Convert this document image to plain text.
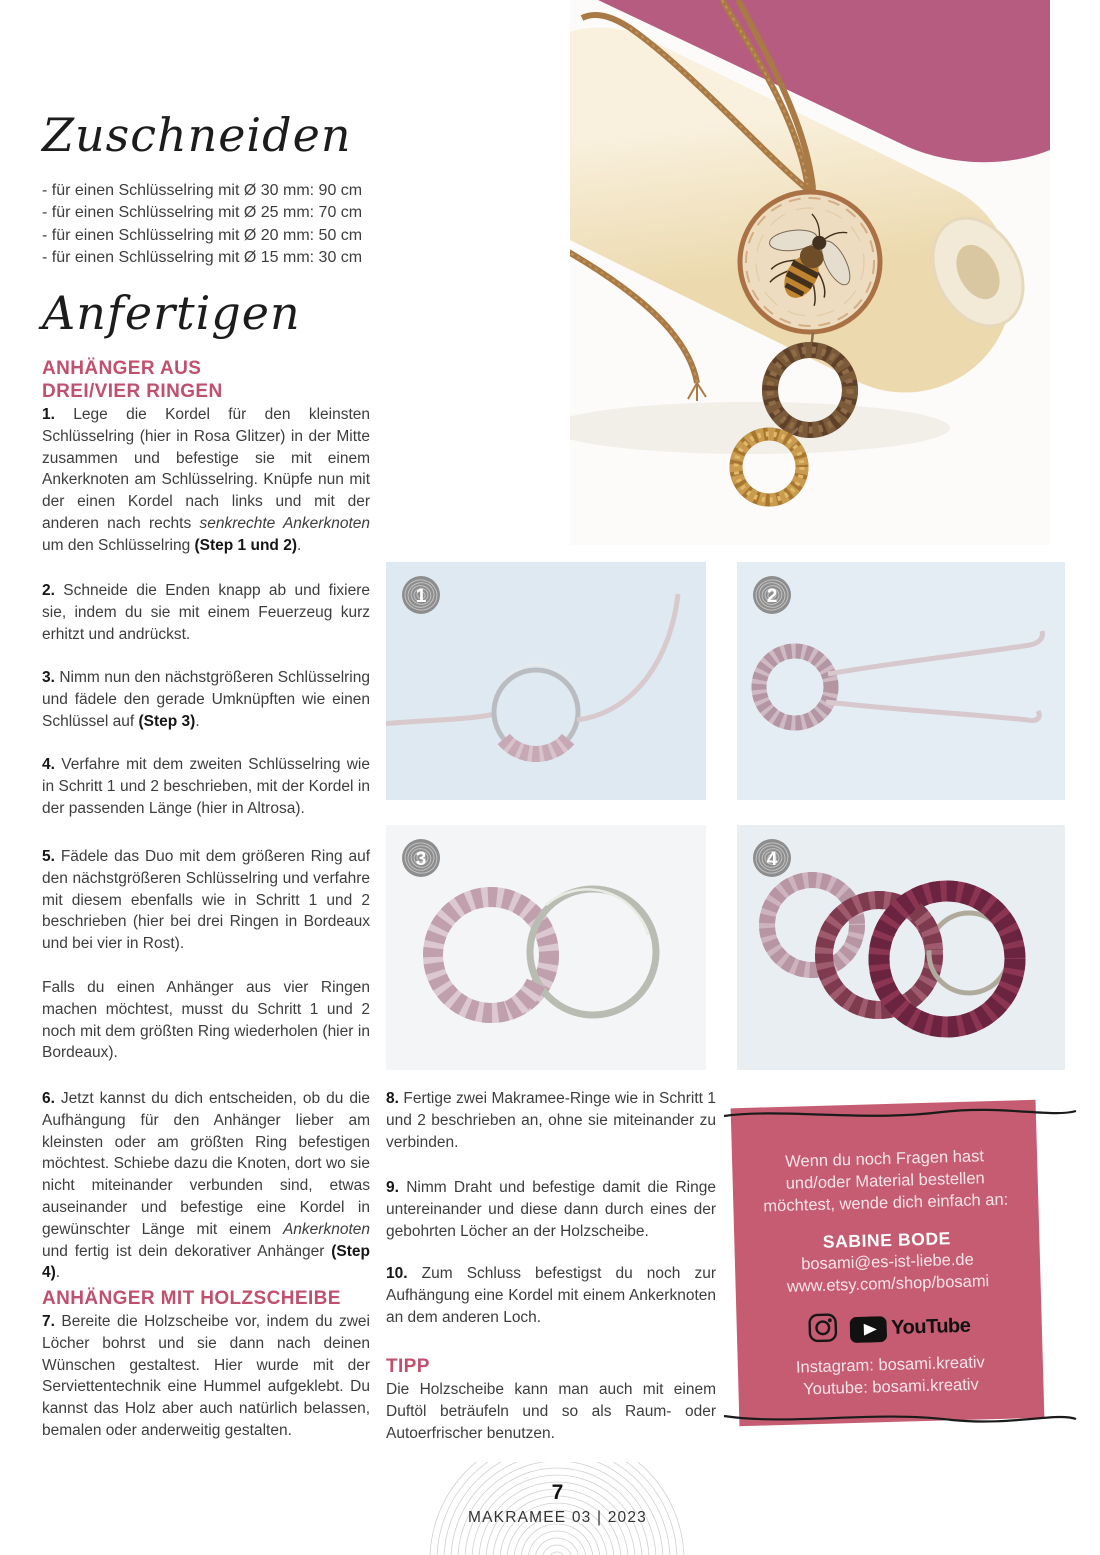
Zuschneiden
- für einen Schlüsselring mit Ø 30 mm: 90 cm
- für einen Schlüsselring mit Ø 25 mm: 70 cm
- für einen Schlüsselring mit Ø 20 mm: 50 cm
- für einen Schlüsselring mit Ø 15 mm: 30 cm
Anfertigen
ANHÄNGER AUS
DREI/VIER RINGEN

1. Lege die Kordel für den kleinsten Schlüsselring (hier in Rosa Glitzer) in der Mitte zusammen und befestige sie mit einem Ankerknoten am Schlüsselring. Knüpfe nun mit der einen Kordel nach links und mit der anderen nach rechts senkrechte Ankerknoten um den Schlüsselring (Step 1 und 2).

2. Schneide die Enden knapp ab und fixiere sie, indem du sie mit einem Feuerzeug kurz erhitzt und andrückst.

3. Nimm nun den nächstgrößeren Schlüsselring und fädele den gerade Umknüpften wie einen Schlüssel auf (Step 3).

4. Verfahre mit dem zweiten Schlüsselring wie in Schritt 1 und 2 beschrieben, mit der Kordel in der passenden Länge (hier in Altrosa).

5. Fädele das Duo mit dem größeren Ring auf den nächstgrößeren Schlüsselring und verfahre mit diesem ebenfalls wie in Schritt 1 und 2 beschrieben (hier bei drei Ringen in Bordeaux und bei vier in Rost).

Falls du einen Anhänger aus vier Ringen machen möchtest, musst du Schritt 1 und 2 noch mit dem größten Ring wiederholen (hier in Bordeaux).

6. Jetzt kannst du dich entscheiden, ob du die Aufhängung für den Anhänger lieber am kleinsten oder am größten Ring befestigen möchtest. Schiebe dazu die Knoten, dort wo sie nicht miteinander verbunden sind, etwas auseinander und befestige eine Kordel in gewünschter Länge mit einem Ankerknoten und fertig ist dein dekorativer Anhänger (Step 4).

ANHÄNGER MIT HOLZSCHEIBE

7. Bereite die Holzscheibe vor, indem du zwei Löcher bohrst und sie dann nach deinen Wünschen gestaltest. Hier wurde mit der Serviettentechnik eine Hummel aufgeklebt. Du kannst das Holz aber auch natürlich belassen, bemalen oder anderweitig gestalten.

8. Fertige zwei Makramee-Ringe wie in Schritt 1 und 2 beschrieben an, ohne sie miteinander zu verbinden.

9. Nimm Draht und befestige damit die Ringe untereinander und diese dann durch eines der gebohrten Löcher an der Holzscheibe.

10. Zum Schluss befestigst du noch zur Aufhängung eine Kordel mit einem Ankerknoten an dem anderen Loch.

TIPP

Die Holzscheibe kann man auch mit einem Duftöl beträufeln und so als Raum- oder Autoerfrischer benutzen.

1	2
3	4
Wenn du noch Fragen hast
und/oder Material bestellen
möchtest, wende dich einfach an:
SABINE BODE
bosami@es-ist-liebe.de
www.etsy.com/shop/bosami
YouTube
Instagram: bosami.kreativ
Youtube: bosami.kreativ
7
MAKRAMEE 03 | 2023
